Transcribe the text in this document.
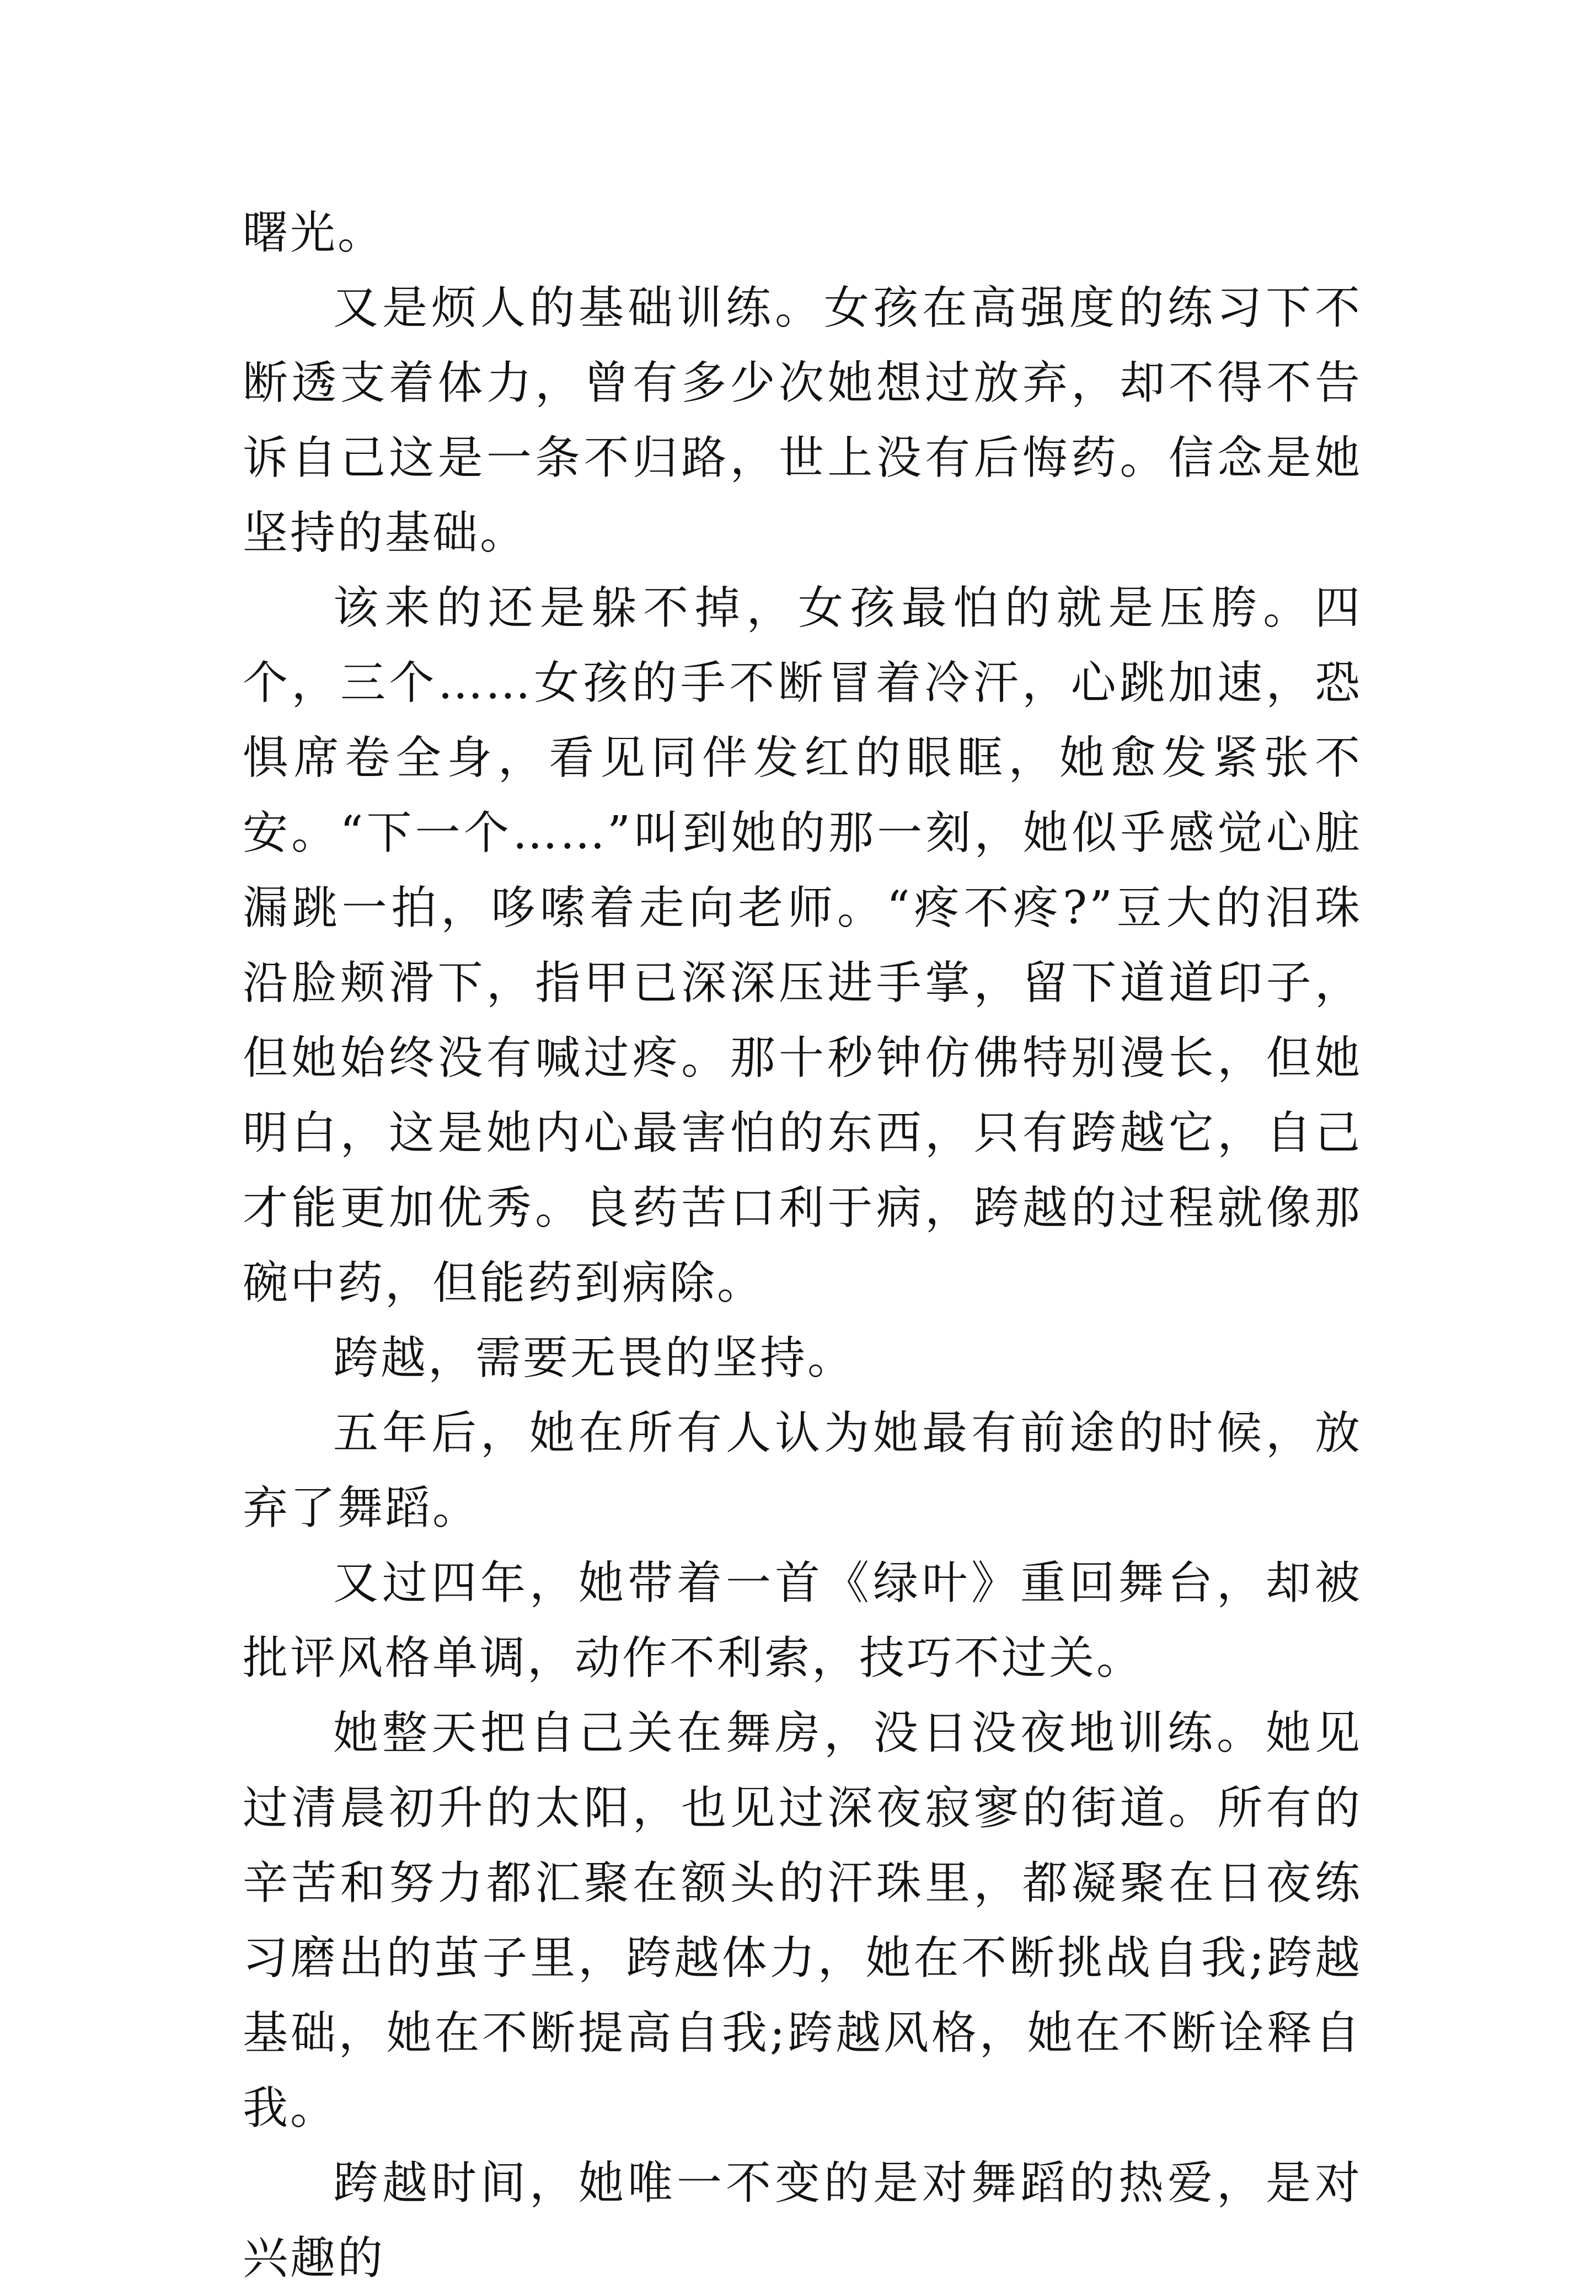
曙光。

又是烦人的基础训练。女孩在高强度的练习下不断透支着体力，曾有多少次她想过放弃，却不得不告诉自己这是一条不归路，世上没有后悔药。信念是她坚持的基础。

该来的还是躲不掉，女孩最怕的就是压胯。四个，三个……女孩的手不断冒着冷汗，心跳加速，恐惧席卷全身，看见同伴发红的眼眶，她愈发紧张不安。“下一个……”叫到她的那一刻，她似乎感觉心脏漏跳一拍，哆嗦着走向老师。“疼不疼?”豆大的泪珠沿脸颊滑下，指甲已深深压进手掌，留下道道印子，但她始终没有喊过疼。那十秒钟仿佛特别漫长，但她明白，这是她内心最害怕的东西，只有跨越它，自己才能更加优秀。良药苦口利于病，跨越的过程就像那碗中药，但能药到病除。

跨越，需要无畏的坚持。

五年后，她在所有人认为她最有前途的时候，放弃了舞蹈。

又过四年，她带着一首《绿叶》重回舞台，却被批评风格单调，动作不利索，技巧不过关。

她整天把自己关在舞房，没日没夜地训练。她见过清晨初升的太阳，也见过深夜寂寥的街道。所有的辛苦和努力都汇聚在额头的汗珠里，都凝聚在日夜练习磨出的茧子里，跨越体力，她在不断挑战自我;跨越基础，她在不断提高自我;跨越风格，她在不断诠释自我。

跨越时间，她唯一不变的是对舞蹈的热爱，是对兴趣的
